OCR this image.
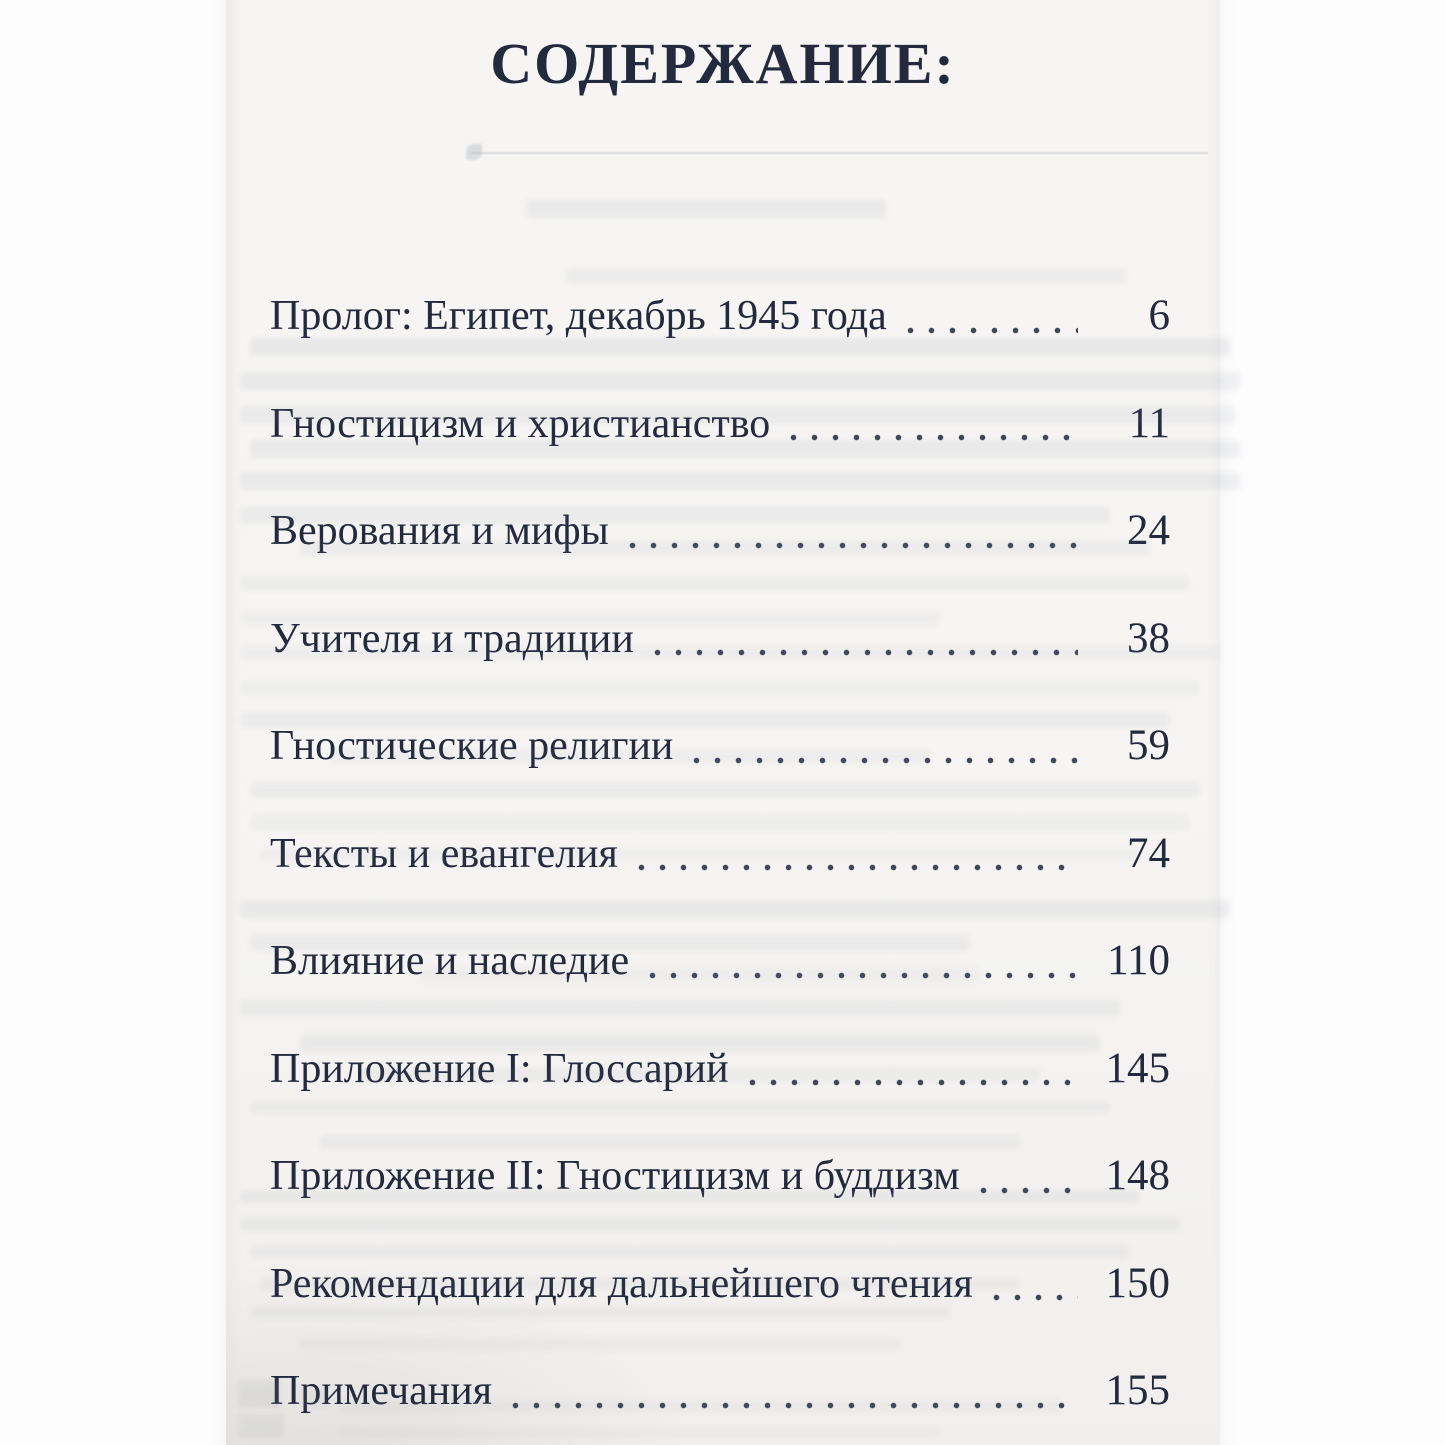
СОДЕРЖАНИЕ:
Пролог: Египет, декабрь 1945 года	6
Гностицизм и христианство	11
Верования и мифы	24
Учителя и традиции	38
Гностические религии	59
Тексты и евангелия	74
Влияние и наследие	110
Приложение I: Глоссарий	145
Приложение II: Гностицизм и буддизм	148
Рекомендации для дальнейшего чтения	150
Примечания	155
